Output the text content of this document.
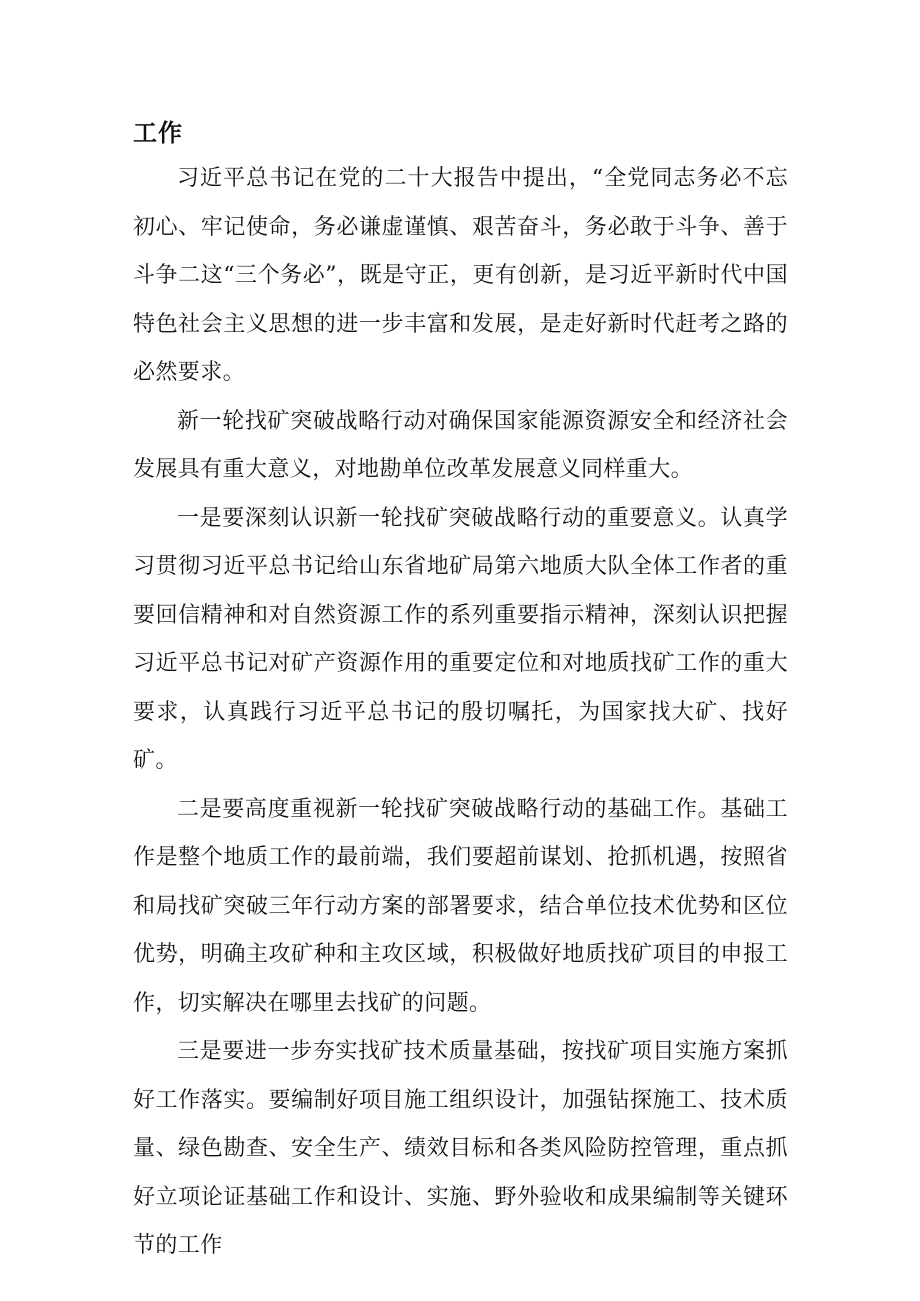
工作

习近平总书记在党的二十大报告中提出，“全党同志务必不忘初心、牢记使命，务必谦虚谨慎、艰苦奋斗，务必敢于斗争、善于斗争二这“三个务必”，既是守正，更有创新，是习近平新时代中国特色社会主义思想的进一步丰富和发展，是走好新时代赶考之路的必然要求。

新一轮找矿突破战略行动对确保国家能源资源安全和经济社会发展具有重大意义，对地勘单位改革发展意义同样重大。

一是要深刻认识新一轮找矿突破战略行动的重要意义。认真学习贯彻习近平总书记给山东省地矿局第六地质大队全体工作者的重要回信精神和对自然资源工作的系列重要指示精神，深刻认识把握习近平总书记对矿产资源作用的重要定位和对地质找矿工作的重大要求，认真践行习近平总书记的殷切嘱托，为国家找大矿、找好矿。

二是要高度重视新一轮找矿突破战略行动的基础工作。基础工作是整个地质工作的最前端，我们要超前谋划、抢抓机遇，按照省和局找矿突破三年行动方案的部署要求，结合单位技术优势和区位优势，明确主攻矿种和主攻区域，积极做好地质找矿项目的申报工作，切实解决在哪里去找矿的问题。

三是要进一步夯实找矿技术质量基础，按找矿项目实施方案抓好工作落实。要编制好项目施工组织设计，加强钻探施工、技术质量、绿色勘查、安全生产、绩效目标和各类风险防控管理，重点抓好立项论证基础工作和设计、实施、野外验收和成果编制等关键环节的工作
